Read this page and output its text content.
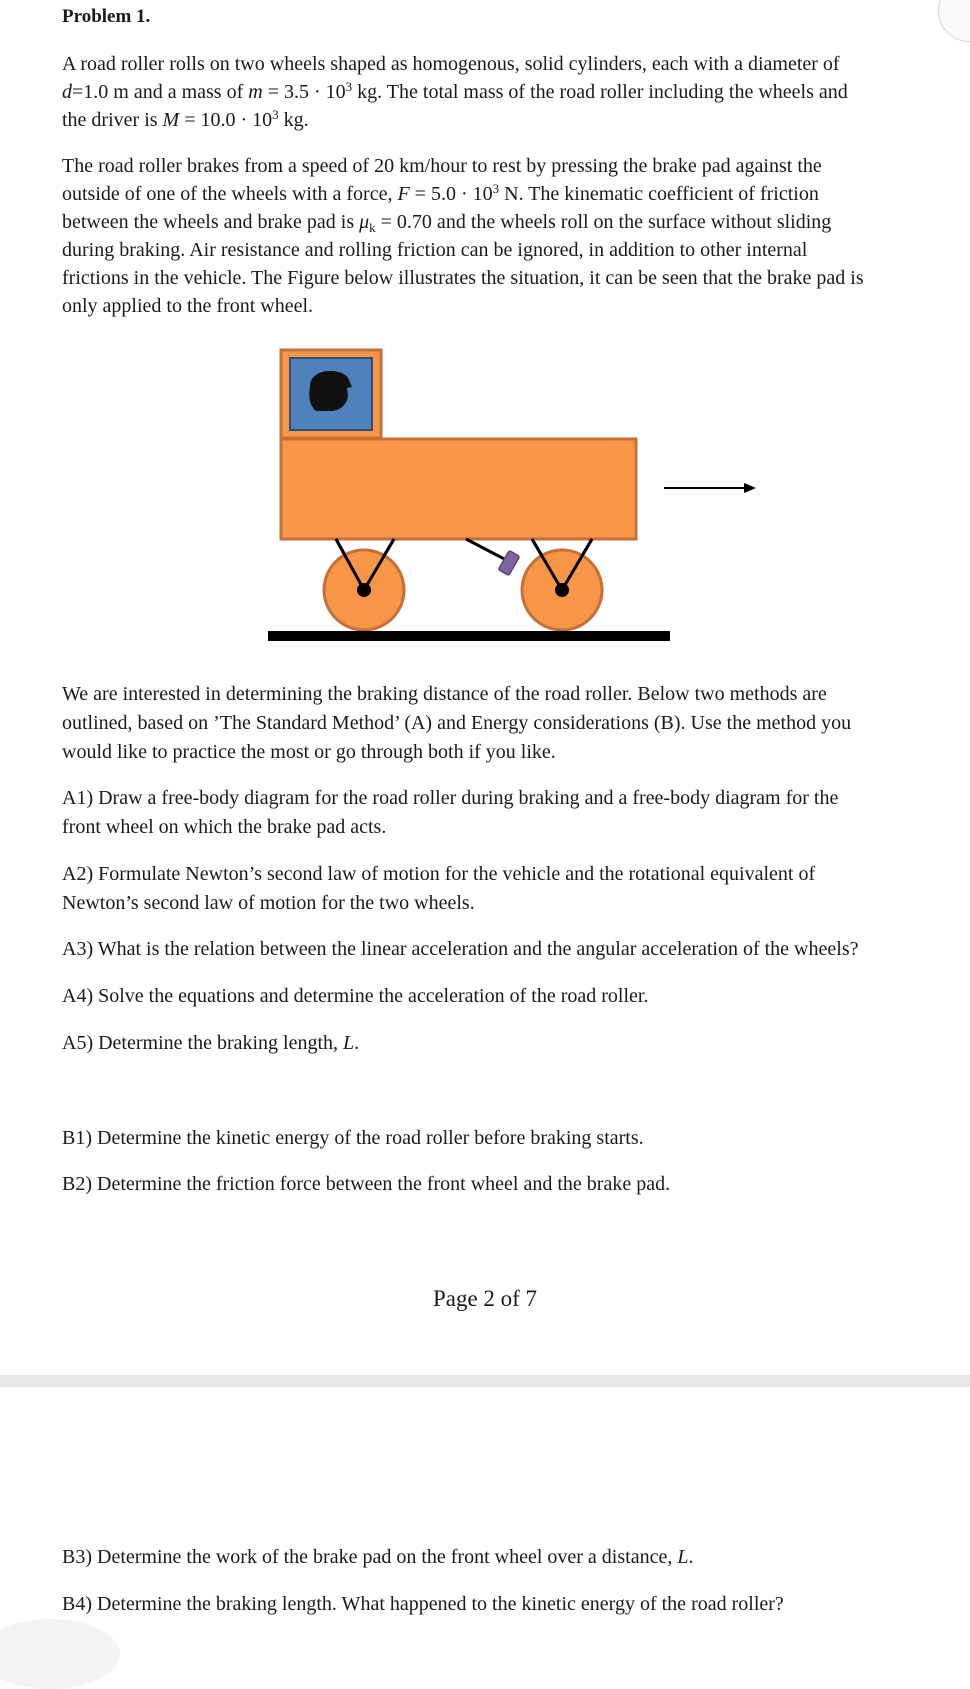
Problem 1.
A road roller rolls on two wheels shaped as homogenous, solid cylinders, each with a diameter of
d=1.0 m and a mass of $m = 3.5 \cdot 10^3$ kg. The total mass of the road roller including the wheels and
the driver is $M = 10.0 \cdot 10^3$ kg.
The road roller brakes from a speed of 20 km/hour to rest by pressing the brake pad against the
outside of one of the wheels with a force, $F = 5.0 \cdot 10^3$ N. The kinematic coefficient of friction
between the wheels and brake pad is $\mu_k = 0.70$ and the wheels roll on the surface without sliding
during braking. Air resistance and rolling friction can be ignored, in addition to other internal
frictions in the vehicle. The Figure below illustrates the situation, it can be seen that the brake pad is
only applied to the front wheel.
We are interested in determining the braking distance of the road roller. Below two methods are
outlined, based on ’The Standard Method’ (A) and Energy considerations (B). Use the method you
would like to practice the most or go through both if you like.
A1) Draw a free-body diagram for the road roller during braking and a free-body diagram for the
front wheel on which the brake pad acts.
A2) Formulate Newton’s second law of motion for the vehicle and the rotational equivalent of
Newton’s second law of motion for the two wheels.
A3) What is the relation between the linear acceleration and the angular acceleration of the wheels?
A4) Solve the equations and determine the acceleration of the road roller.
A5) Determine the braking length, L.
B1) Determine the kinetic energy of the road roller before braking starts.
B2) Determine the friction force between the front wheel and the brake pad.
Page 2 of 7
B3) Determine the work of the brake pad on the front wheel over a distance, L.
B4) Determine the braking length. What happened to the kinetic energy of the road roller?
